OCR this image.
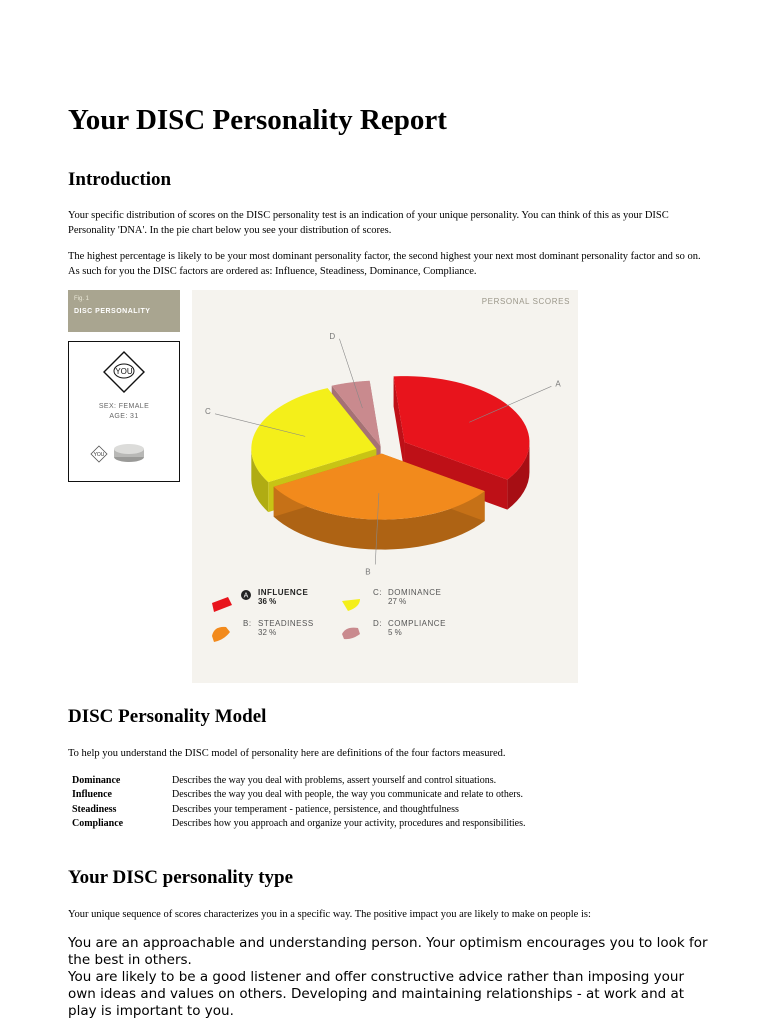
Your DISC Personality Report
Introduction

Your specific distribution of scores on the DISC personality test is an indication of your unique personality. You can think of this as your DISC Personality 'DNA'. In the pie chart below you see your distribution of scores.

The highest percentage is likely to be your most dominant personality factor, the second highest your next most dominant personality factor and so on. As such for you the DISC factors are ordered as: Influence, Steadiness, Dominance, Compliance.

Fig. 1
DISC PERSONALITY
YOU
SEX: FEMALE
AGE: 31
YOU
PERSONAL SCORES
D
A
C
B
A INFLUENCE
36 %
B: STEADINESS
32 %
C: DOMINANCE
27 %
D: COMPLIANCE
5 %
DISC Personality Model

To help you understand the DISC model of personality here are definitions of the four factors measured.

Dominance	Describes the way you deal with problems, assert yourself and control situations.
Influence	Describes the way you deal with people, the way you communicate and relate to others.
Steadiness	Describes your temperament - patience, persistence, and thoughtfulness
Compliance	Describes how you approach and organize your activity, procedures and responsibilities.
Your DISC personality type

Your unique sequence of scores characterizes you in a specific way. The positive impact you are likely to make on people is:

You are an approachable and understanding person. Your optimism encourages you to look for the best in others.

You are likely to be a good listener and offer constructive advice rather than imposing your own ideas and values on others. Developing and maintaining relationships - at work and at play is important to you.
